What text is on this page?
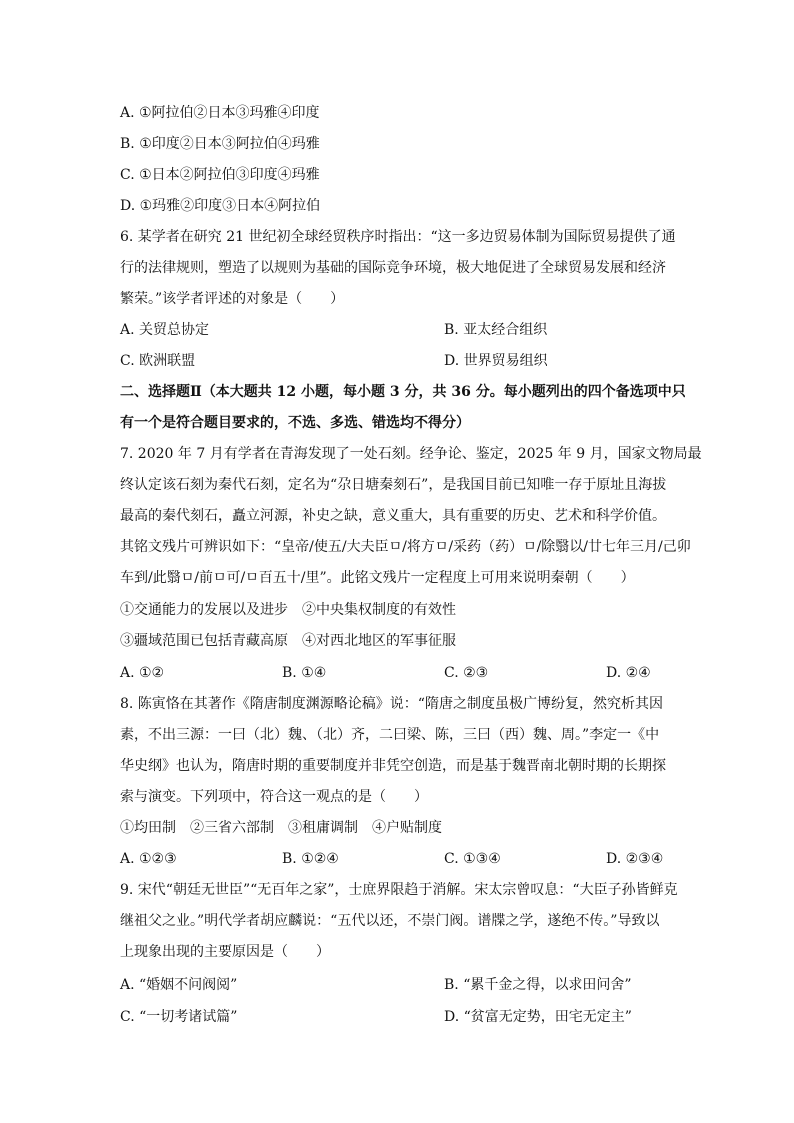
A. ①阿拉伯②日本③玛雅④印度
B. ①印度②日本③阿拉伯④玛雅
C. ①日本②阿拉伯③印度④玛雅
D. ①玛雅②印度③日本④阿拉伯
6. 某学者在研究 21 世纪初全球经贸秩序时指出：“这一多边贸易体制为国际贸易提供了通
行的法律规则，塑造了以规则为基础的国际竞争环境，极大地促进了全球贸易发展和经济
繁荣。”该学者评述的对象是（　　）
A. 关贸总协定	B. 亚太经合组织
C. 欧洲联盟	D. 世界贸易组织
二、选择题Ⅱ（本大题共 12 小题，每小题 3 分，共 36 分。每小题列出的四个备选项中只
有一个是符合题目要求的，不选、多选、错选均不得分）
7. 2020 年 7 月有学者在青海发现了一处石刻。经争论、鉴定，2025 年 9 月，国家文物局最
终认定该石刻为秦代石刻，定名为“尕日塘秦刻石”，是我国目前已知唯一存于原址且海拔
最高的秦代刻石，矗立河源，补史之缺，意义重大，具有重要的历史、艺术和科学价值。
其铭文残片可辨识如下：“皇帝/使五/大夫臣ㅁ/将方ㅁ/采药（药）ㅁ/除翳以/廿七年三月/己卯
车到/此翳ㅁ/前ㅁ可/ㅁ百五十/里”。此铭文残片一定程度上可用来说明秦朝（　　）
①交通能力的发展以及进步　②中央集权制度的有效性
③疆域范围已包括青藏高原　④对西北地区的军事征服
A. ①②	B. ①④	C. ②③	D. ②④
8. 陈寅恪在其著作《隋唐制度渊源略论稿》说：“隋唐之制度虽极广博纷复，然究析其因
素，不出三源：一曰（北）魏、（北）齐，二曰梁、陈，三曰（西）魏、周。”李定一《中
华史纲》也认为，隋唐时期的重要制度并非凭空创造，而是基于魏晋南北朝时期的长期探
索与演变。下列项中，符合这一观点的是（　　）
①均田制　②三省六部制　③租庸调制　④户贴制度
A. ①②③	B. ①②④	C. ①③④	D. ②③④
9. 宋代“朝廷无世臣”“无百年之家”，士庶界限趋于消解。宋太宗曾叹息：“大臣子孙皆鲜克
继祖父之业。”明代学者胡应麟说：“五代以还，不崇门阀。谱牒之学，遂绝不传。”导致以
上现象出现的主要原因是（　　）
A. “婚姻不问阀阅”	B. “累千金之得，以求田问舍”
C. “一切考诸试篇”	D. “贫富无定势，田宅无定主”
